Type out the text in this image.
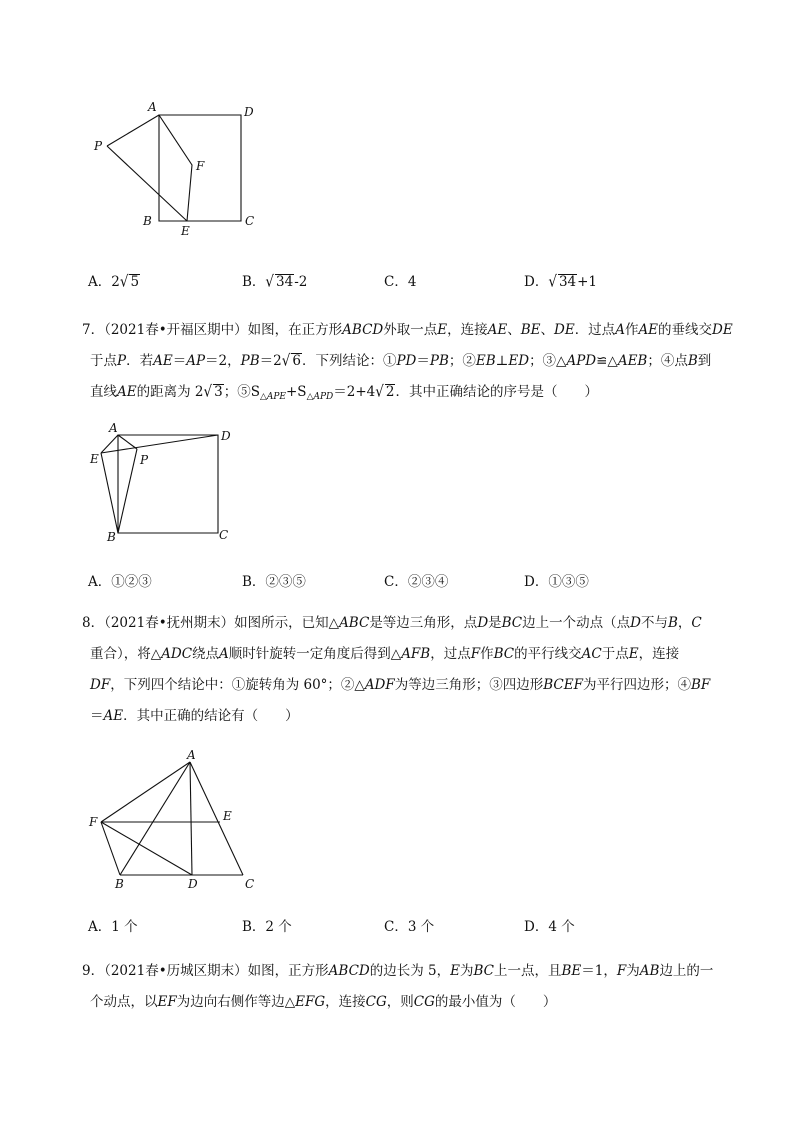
A	D
P
F
B
E
C
A
D
E	P
B	C
A
F	E
B	D	C
A．2√ 5	B．√ 34-2	C．4	D．√ 34+1
7．（2021春•开福区期中）如图，在正方形ABCD外取一点E，连接AE、BE、DE．过点A作AE的垂线交DE
于点P．若AE＝AP＝2，PB＝2√ 6．下列结论：①PD＝PB；②EB⊥ED；③△APD≌△AEB；④点B到
直线AE的距离为 2√ 3；$⑤S_{\triangle APE}+S_{\triangle APD}=2+4√$ 2．其中正确结论的序号是（　　）
A．①②③	B．②③⑤	C．②③④	D．①③⑤
8．（2021春•抚州期末）如图所示，已知△ABC是等边三角形，点D是BC边上一个动点（点D不与B，C
重合），将△ADC绕点A顺时针旋转一定角度后得到△AFB，过点F作BC的平行线交AC于点E，连接
DF，下列四个结论中：①旋转角为 60°；②△ADF为等边三角形；③四边形BCEF为平行四边形；④BF
＝AE．其中正确的结论有（　　）
A．1 个	B．2 个	C．3 个	D．4 个
9．（2021春•历城区期末）如图，正方形ABCD的边长为 5，E为BC上一点，且BE＝1，F为AB边上的一
个动点，以EF为边向右侧作等边△EFG，连接CG，则CG的最小值为（　　）
